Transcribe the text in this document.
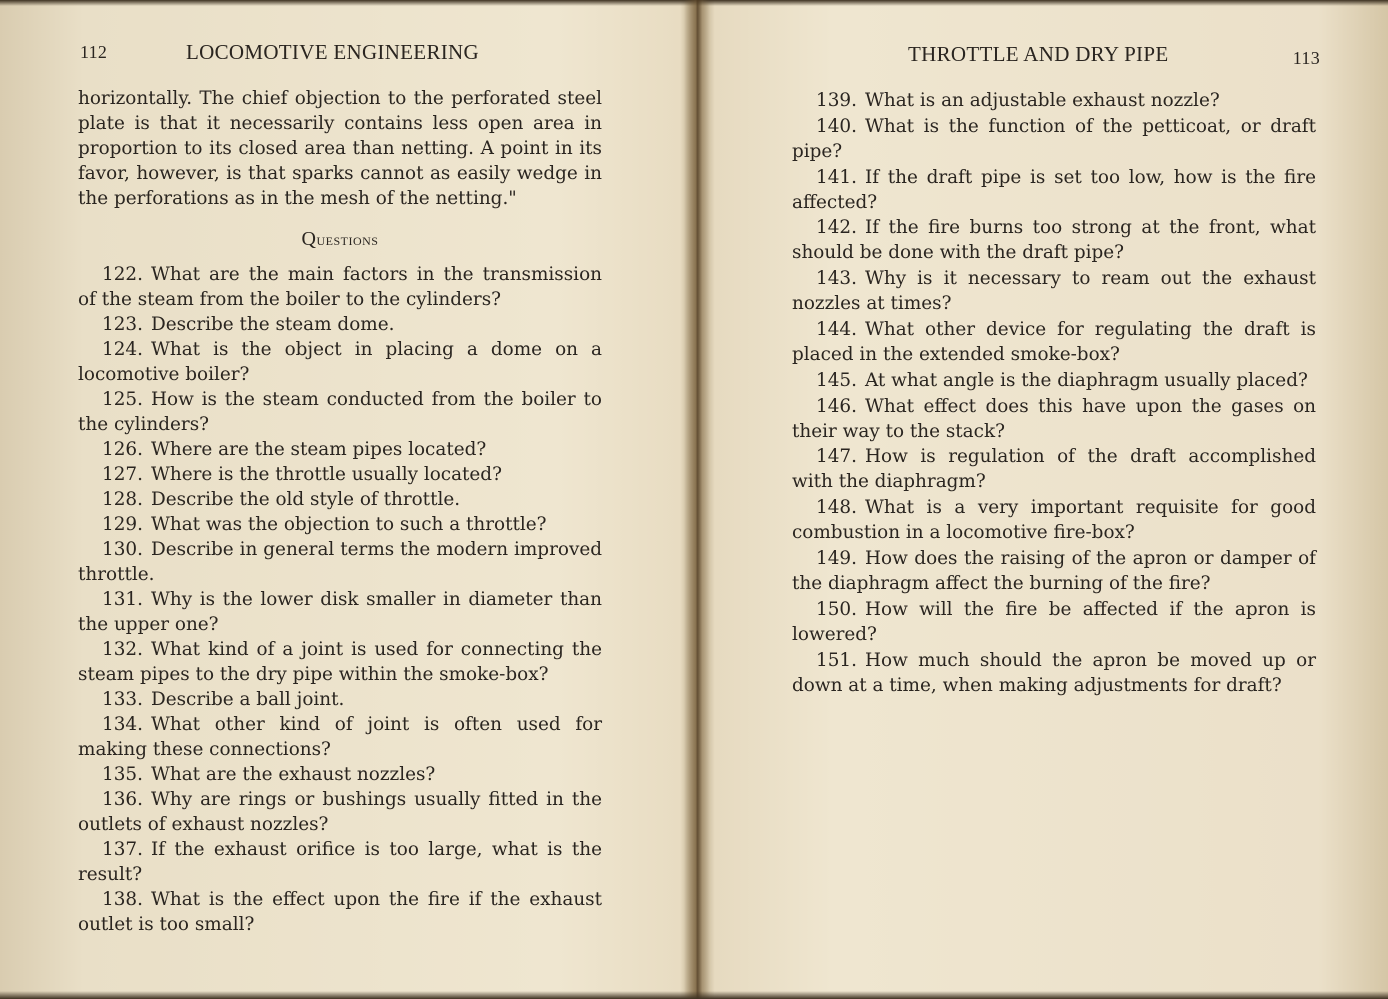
112	LOCOMOTIVE ENGINEERING

horizontally. The chief objection to the perforated steel plate is that it necessarily contains less open area in proportion to its closed area than netting. A point in its favor, however, is that sparks cannot as easily wedge in the perforations as in the mesh of the netting."

Questions

122. What are the main factors in the transmission of the steam from the boiler to the cylinders?

123. Describe the steam dome.

124. What is the object in placing a dome on a locomotive boiler?

125. How is the steam conducted from the boiler to the cylinders?

126. Where are the steam pipes located?

127. Where is the throttle usually located?

128. Describe the old style of throttle.

129. What was the objection to such a throttle?

130. Describe in general terms the modern improved throttle.

131. Why is the lower disk smaller in diameter than the upper one?

132. What kind of a joint is used for connecting the steam pipes to the dry pipe within the smoke-box?

133. Describe a ball joint.

134. What other kind of joint is often used for making these connections?

135. What are the exhaust nozzles?

136. Why are rings or bushings usually fitted in the outlets of exhaust nozzles?

137. If the exhaust orifice is too large, what is the result?

138. What is the effect upon the fire if the exhaust outlet is too small?

THROTTLE AND DRY PIPE	113

139. What is an adjustable exhaust nozzle?

140. What is the function of the petticoat, or draft pipe?

141. If the draft pipe is set too low, how is the fire affected?

142. If the fire burns too strong at the front, what should be done with the draft pipe?

143. Why is it necessary to ream out the exhaust nozzles at times?

144. What other device for regulating the draft is placed in the extended smoke-box?

145. At what angle is the diaphragm usually placed?

146. What effect does this have upon the gases on their way to the stack?

147. How is regulation of the draft accomplished with the diaphragm?

148. What is a very important requisite for good combustion in a locomotive fire-box?

149. How does the raising of the apron or damper of the diaphragm affect the burning of the fire?

150. How will the fire be affected if the apron is lowered?

151. How much should the apron be moved up or down at a time, when making adjustments for draft?
